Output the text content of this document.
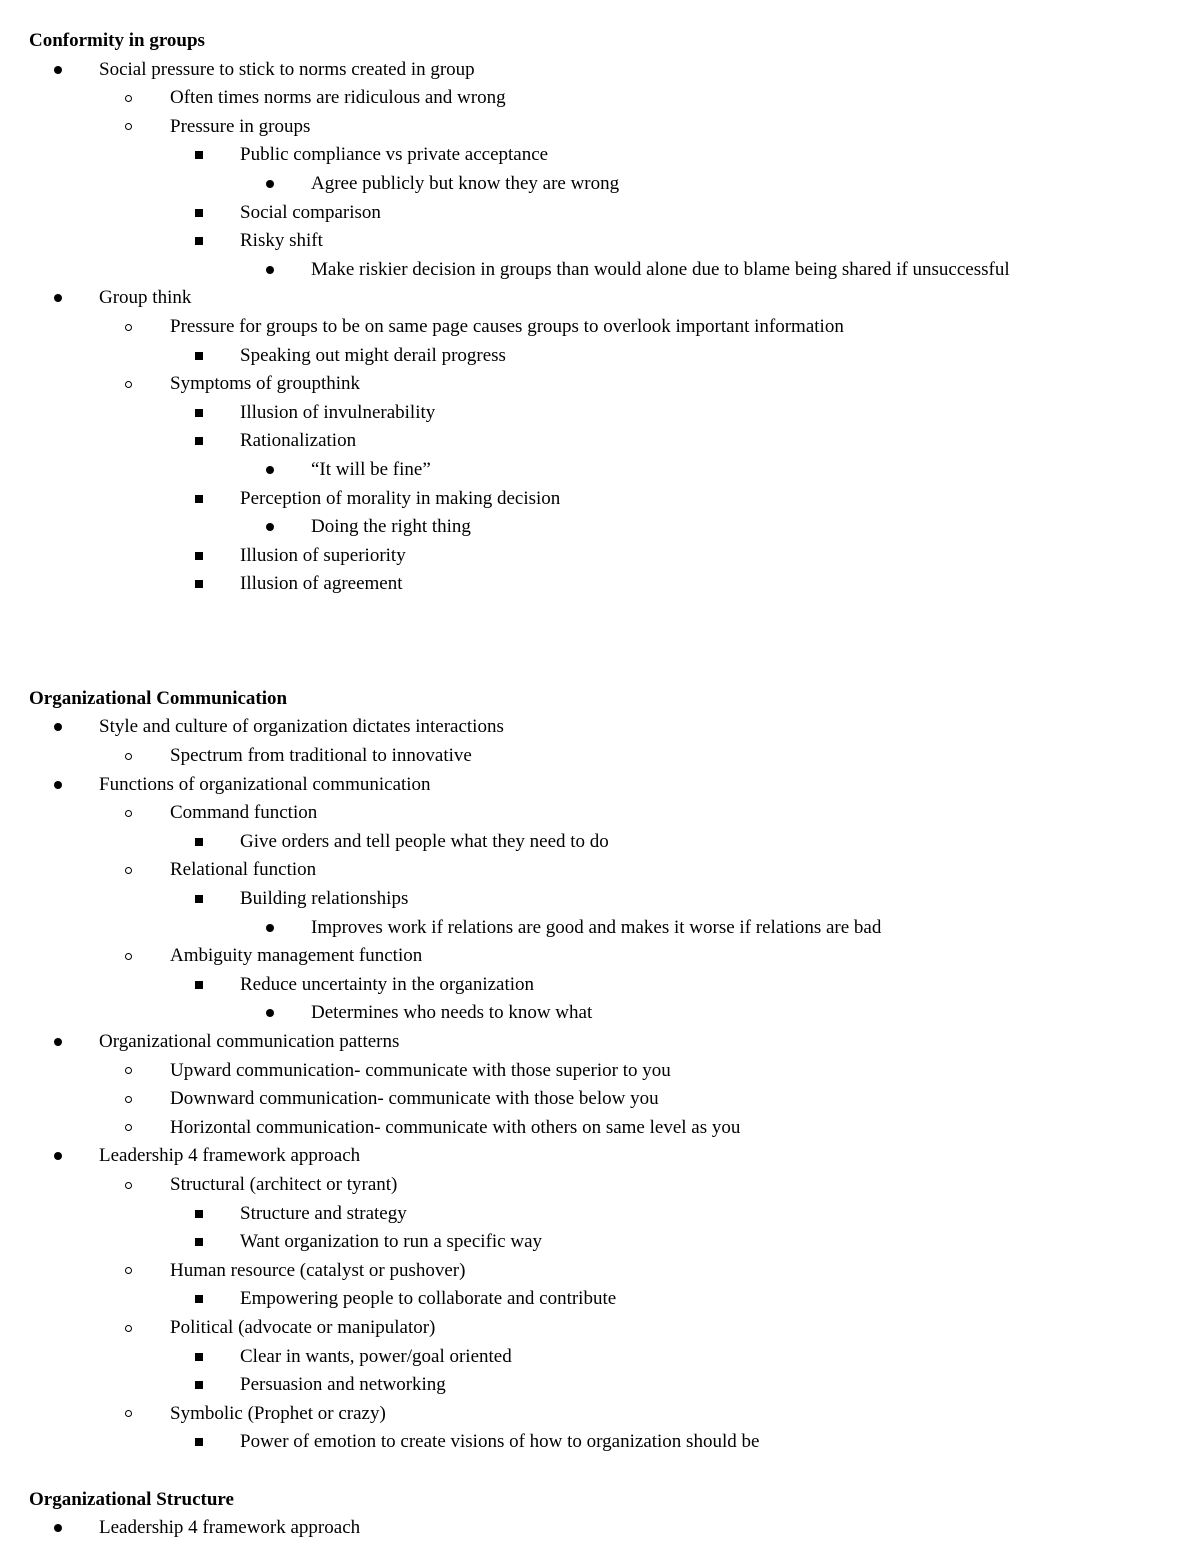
Conformity in groups
Social pressure to stick to norms created in group
Often times norms are ridiculous and wrong
Pressure in groups
Public compliance vs private acceptance
Agree publicly but know they are wrong
Social comparison
Risky shift
Make riskier decision in groups than would alone due to blame being shared if unsuccessful
Group think
Pressure for groups to be on same page causes groups to overlook important information
Speaking out might derail progress
Symptoms of groupthink
Illusion of invulnerability
Rationalization
“It will be fine”
Perception of morality in making decision
Doing the right thing
Illusion of superiority
Illusion of agreement
Organizational Communication
Style and culture of organization dictates interactions
Spectrum from traditional to innovative
Functions of organizational communication
Command function
Give orders and tell people what they need to do
Relational function
Building relationships
Improves work if relations are good and makes it worse if relations are bad
Ambiguity management function
Reduce uncertainty in the organization
Determines who needs to know what
Organizational communication patterns
Upward communication- communicate with those superior to you
Downward communication- communicate with those below you
Horizontal communication- communicate with others on same level as you
Leadership 4 framework approach
Structural (architect or tyrant)
Structure and strategy
Want organization to run a specific way
Human resource (catalyst or pushover)
Empowering people to collaborate and contribute
Political (advocate or manipulator)
Clear in wants, power/goal oriented
Persuasion and networking
Symbolic (Prophet or crazy)
Power of emotion to create visions of how to organization should be
Organizational Structure
Leadership 4 framework approach
